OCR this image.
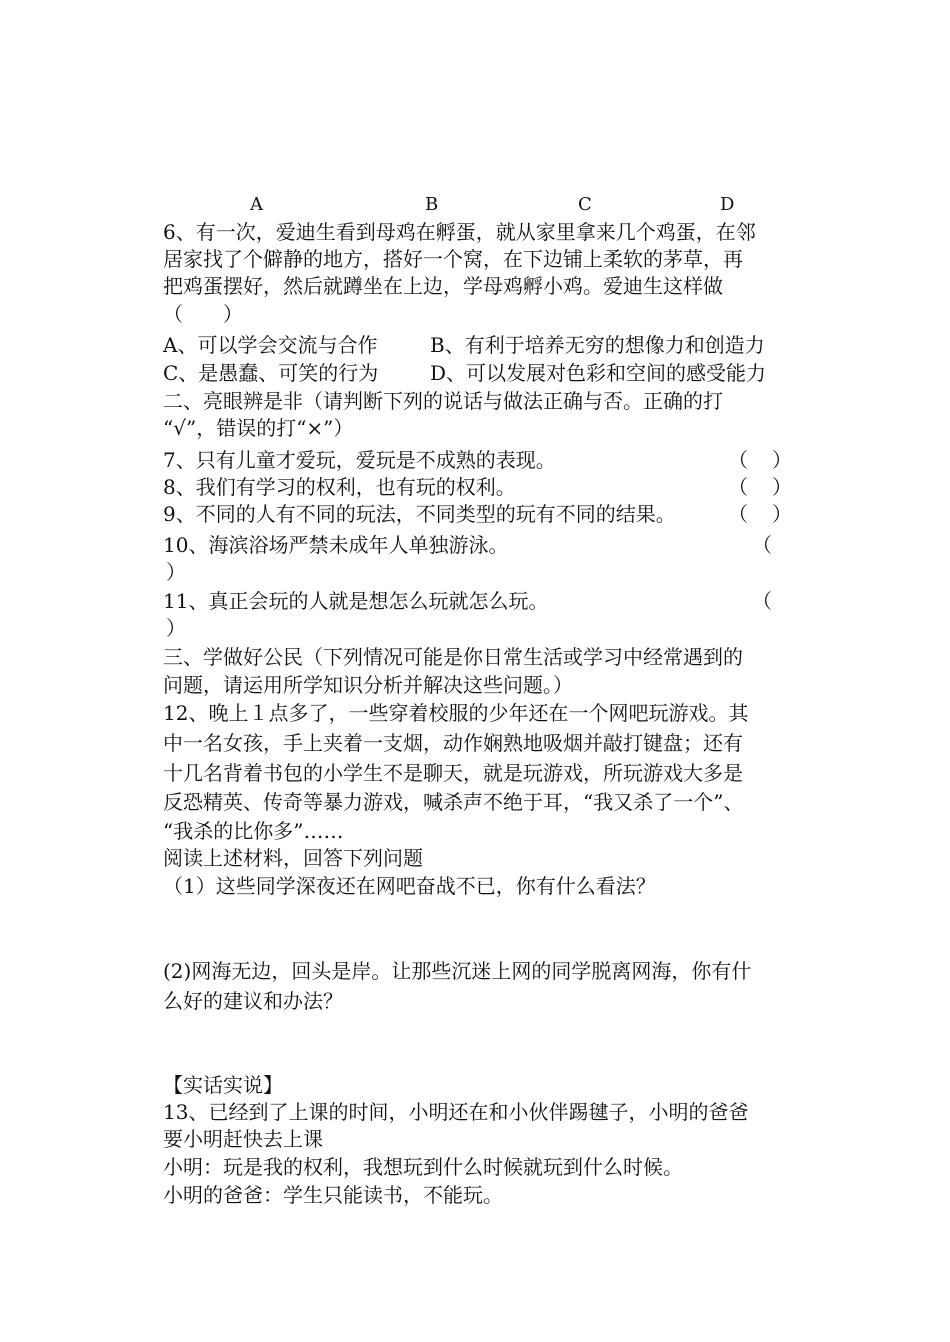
A	B	C	D
6、有一次，爱迪生看到母鸡在孵蛋，就从家里拿来几个鸡蛋，在邻
居家找了个僻静的地方，搭好一个窝，在下边铺上柔软的茅草，再
把鸡蛋摆好，然后就蹲坐在上边，学母鸡孵小鸡。爱迪生这样做
（　　）
A、可以学会交流与合作	B、有利于培养无穷的想像力和创造力
C、是愚蠢、可笑的行为	D、可以发展对色彩和空间的感受能力
二、亮眼辨是非（请判断下列的说话与做法正确与否。正确的打
“√”，错误的打“×”）
7、只有儿童才爱玩，爱玩是不成熟的表现。	（ ）
8、我们有学习的权利，也有玩的权利。	（ ）
9、不同的人有不同的玩法，不同类型的玩有不同的结果。	（ ）
10、海滨浴场严禁未成年人单独游泳。	（
）
11、真正会玩的人就是想怎么玩就怎么玩。	（
）
三、学做好公民（下列情况可能是你日常生活或学习中经常遇到的
问题，请运用所学知识分析并解决这些问题。）
12、晚上１点多了，一些穿着校服的少年还在一个网吧玩游戏。其
中一名女孩，手上夹着一支烟，动作娴熟地吸烟并敲打键盘；还有
十几名背着书包的小学生不是聊天，就是玩游戏，所玩游戏大多是
反恐精英、传奇等暴力游戏，喊杀声不绝于耳，“我又杀了一个”、
“我杀的比你多”……
阅读上述材料，回答下列问题
（1）这些同学深夜还在网吧奋战不已，你有什么看法？
(2)网海无边，回头是岸。让那些沉迷上网的同学脱离网海，你有什
么好的建议和办法？
【实话实说】
13、已经到了上课的时间，小明还在和小伙伴踢毽子，小明的爸爸
要小明赶快去上课
小明：玩是我的权利，我想玩到什么时候就玩到什么时候。
小明的爸爸：学生只能读书，不能玩。
